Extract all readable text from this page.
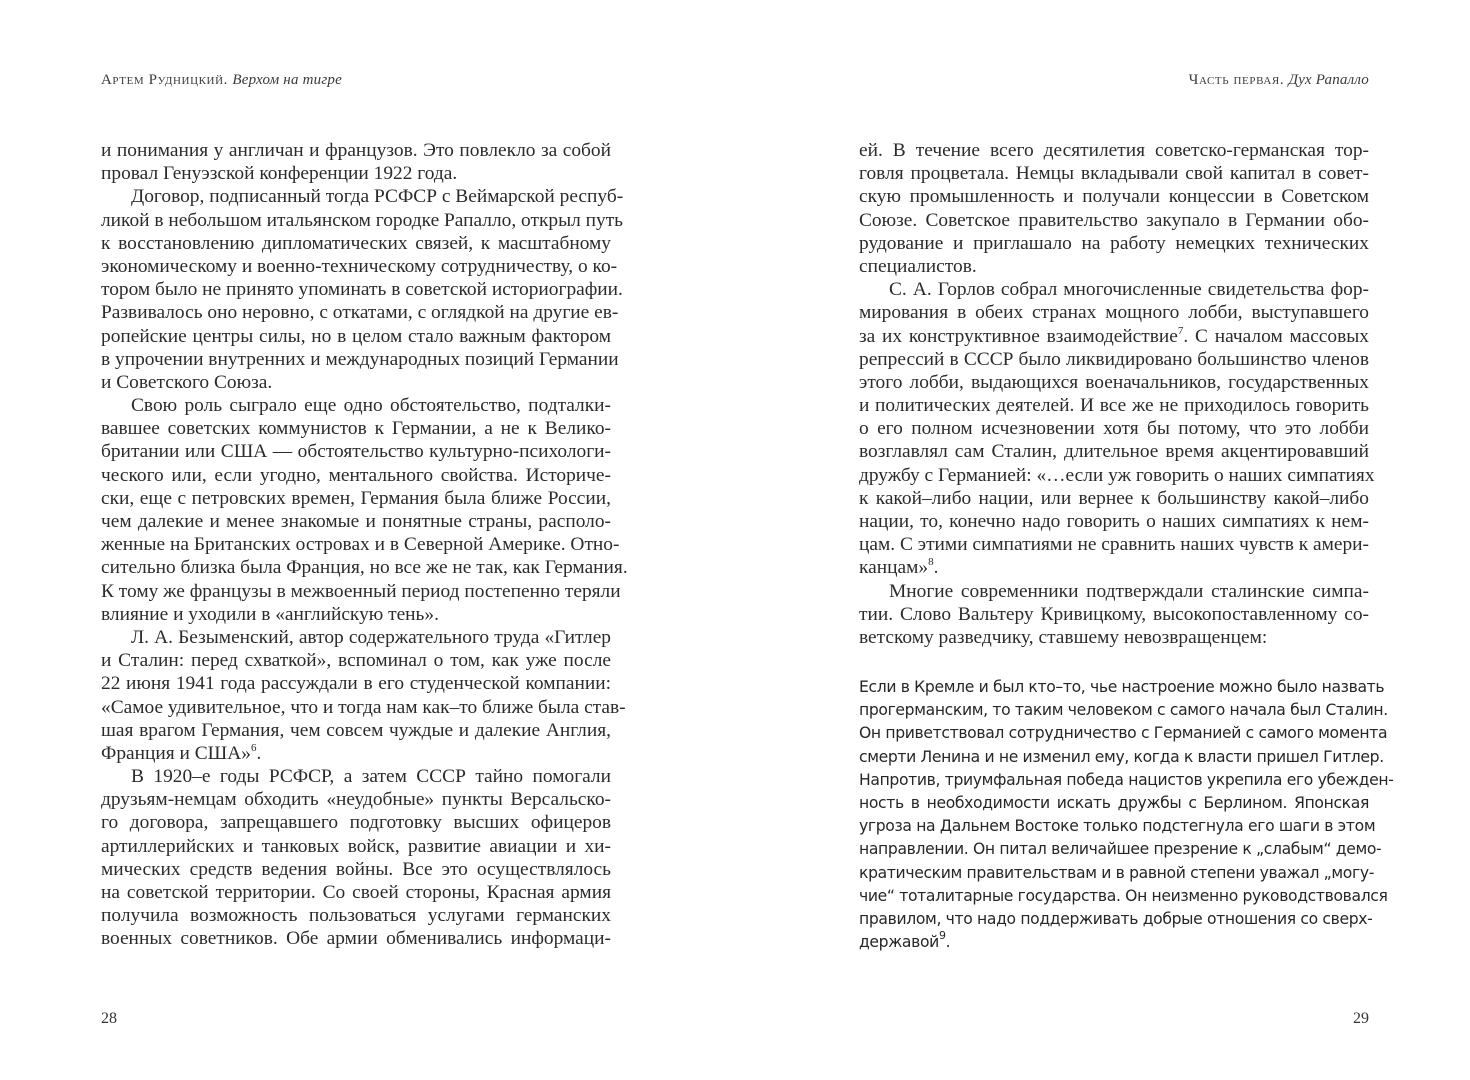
Артем Рудницкий. Верхом на тигре
и понимания у англичан и французов. Это повлекло за собой
провал Генуэзской конференции 1922 года.
Договор, подписанный тогда РСФСР с Веймарской респуб-
ликой в небольшом итальянском городке Рапалло, открыл путь
к восстановлению дипломатических связей, к масштабному
экономическому и военно-техническому сотрудничеству, о ко-
тором было не принято упоминать в советской историографии.
Развивалось оно неровно, с откатами, с оглядкой на другие ев-
ропейские центры силы, но в целом стало важным фактором
в упрочении внутренних и международных позиций Германии
и Советского Союза.
Свою роль сыграло еще одно обстоятельство, подталки-
вавшее советских коммунистов к Германии, а не к Велико-
британии или США — обстоятельство культурно-психологи-
ческого или, если угодно, ментального свойства. Историче-
ски, еще с петровских времен, Германия была ближе России,
чем далекие и менее знакомые и понятные страны, располо-
женные на Британских островах и в Северной Америке. Отно-
сительно близка была Франция, но все же не так, как Германия.
К тому же французы в межвоенный период постепенно теряли
влияние и уходили в «английскую тень».
Л. А. Безыменский, автор содержательного труда «Гитлер
и Сталин: перед схваткой», вспоминал о том, как уже после
22 июня 1941 года рассуждали в его студенческой компании:
«Самое удивительное, что и тогда нам как–то ближе была став-
шая врагом Германия, чем совсем чуждые и далекие Англия,
Франция и США»$^6$.
В 1920–е годы РСФСР, а затем СССР тайно помогали
друзьям-немцам обходить «неудобные» пункты Версальско-
го договора, запрещавшего подготовку высших офицеров
артиллерийских и танковых войск, развитие авиации и хи-
мических средств ведения войны. Все это осуществлялось
на советской территории. Со своей стороны, Красная армия
получила возможность пользоваться услугами германских
военных советников. Обе армии обменивались информаци-
28
Часть первая. Дух Рапалло
ей. В течение всего десятилетия советско-германская тор-
говля процветала. Немцы вкладывали свой капитал в совет-
скую промышленность и получали концессии в Советском
Союзе. Советское правительство закупало в Германии обо-
рудование и приглашало на работу немецких технических
специалистов.
С. А. Горлов собрал многочисленные свидетельства фор-
мирования в обеих странах мощного лобби, выступавшего
за их конструктивное взаимодействие$^7$. С началом массовых
репрессий в СССР было ликвидировано большинство членов
этого лобби, выдающихся военачальников, государственных
и политических деятелей. И все же не приходилось говорить
о его полном исчезновении хотя бы потому, что это лобби
возглавлял сам Сталин, длительное время акцентировавший
дружбу с Германией: «…если уж говорить о наших симпатиях
к какой–либо нации, или вернее к большинству какой–либо
нации, то, конечно надо говорить о наших симпатиях к нем-
цам. С этими симпатиями не сравнить наших чувств к амери-
канцам»$^8$.
Многие современники подтверждали сталинские симпа-
тии. Слово Вальтеру Кривицкому, высокопоставленному со-
ветскому разведчику, ставшему невозвращенцем:
Если в Кремле и был кто–то, чье настроение можно было назвать
прогерманским, то таким человеком с самого начала был Сталин.
Он приветствовал сотрудничество с Германией с самого момента
смерти Ленина и не изменил ему, когда к власти пришел Гитлер.
Напротив, триумфальная победа нацистов укрепила его убежден-
ность в необходимости искать дружбы с Берлином. Японская
угроза на Дальнем Востоке только подстегнула его шаги в этом
направлении. Он питал величайшее презрение к „слабым“ демо-
кратическим правительствам и в равной степени уважал „могу-
чие“ тоталитарные государства. Он неизменно руководствовался
правилом, что надо поддерживать добрые отношения со сверх-
державой$^9$.
29
